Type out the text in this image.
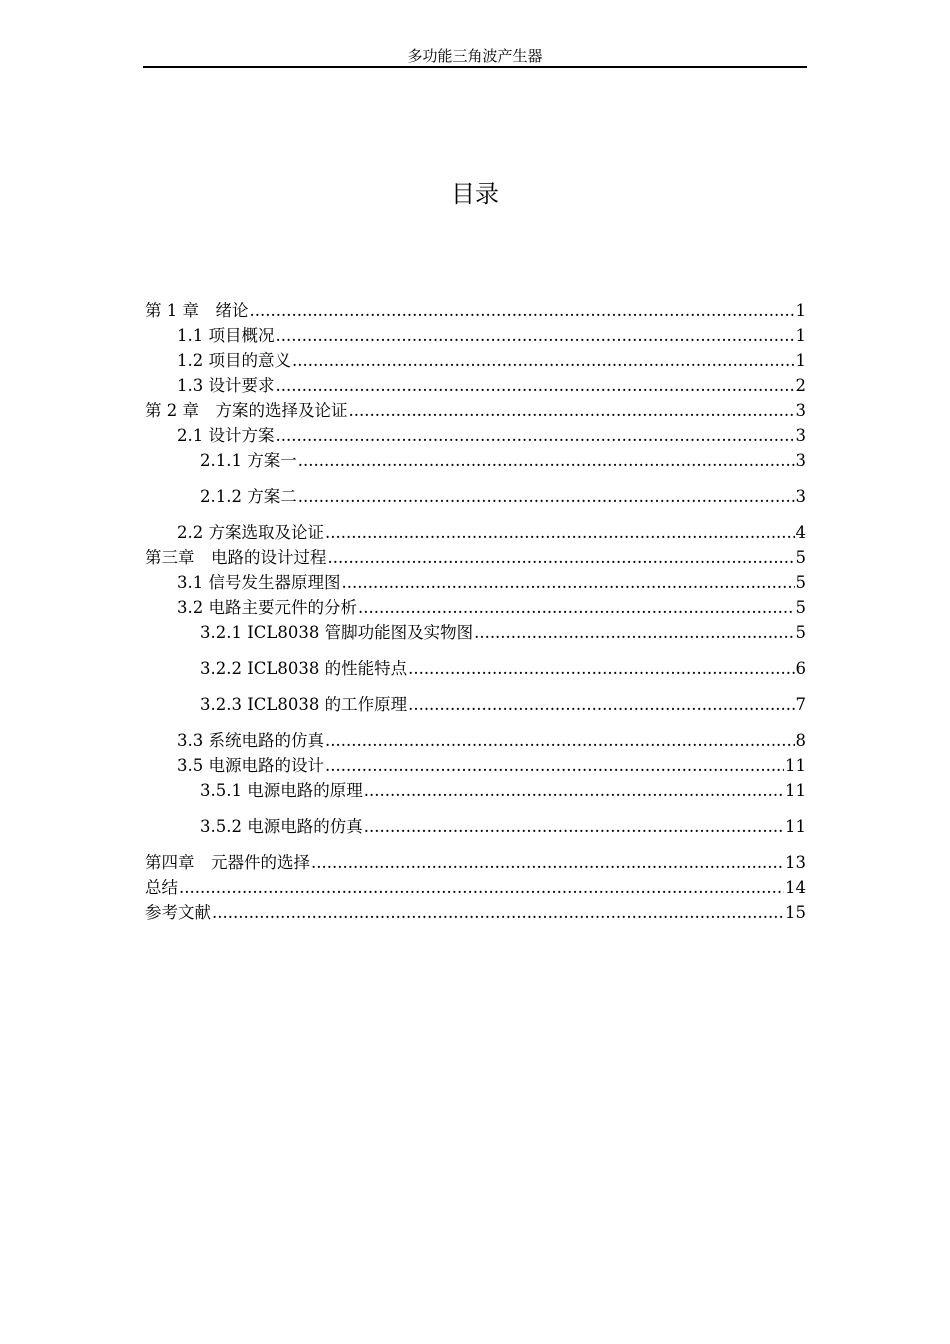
多功能三角波产生器
目录
第 1 章　绪论 .....	1
1.1 项目概况 .....	1
1.2 项目的意义 .....	1
1.3 设计要求 .....	2
第 2 章　方案的选择及论证 .....	3
2.1 设计方案 .....	3
2.1.1 方案一 .....	3
2.1.2 方案二 .....	3
2.2 方案选取及论证 .....	4
第三章　电路的设计过程 .....	5
3.1 信号发生器原理图 .....	5
3.2 电路主要元件的分析 .....	5
3.2.1 ICL8038 管脚功能图及实物图 .....	5
3.2.2 ICL8038 的性能特点 .....	6
3.2.3 ICL8038 的工作原理 .....	7
3.3 系统电路的仿真 .....	8
3.5 电源电路的设计 .....	11
3.5.1 电源电路的原理 .....	11
3.5.2 电源电路的仿真 .....	11
第四章　元器件的选择 .....	13
总结 .....	14
参考文献 .....	15
